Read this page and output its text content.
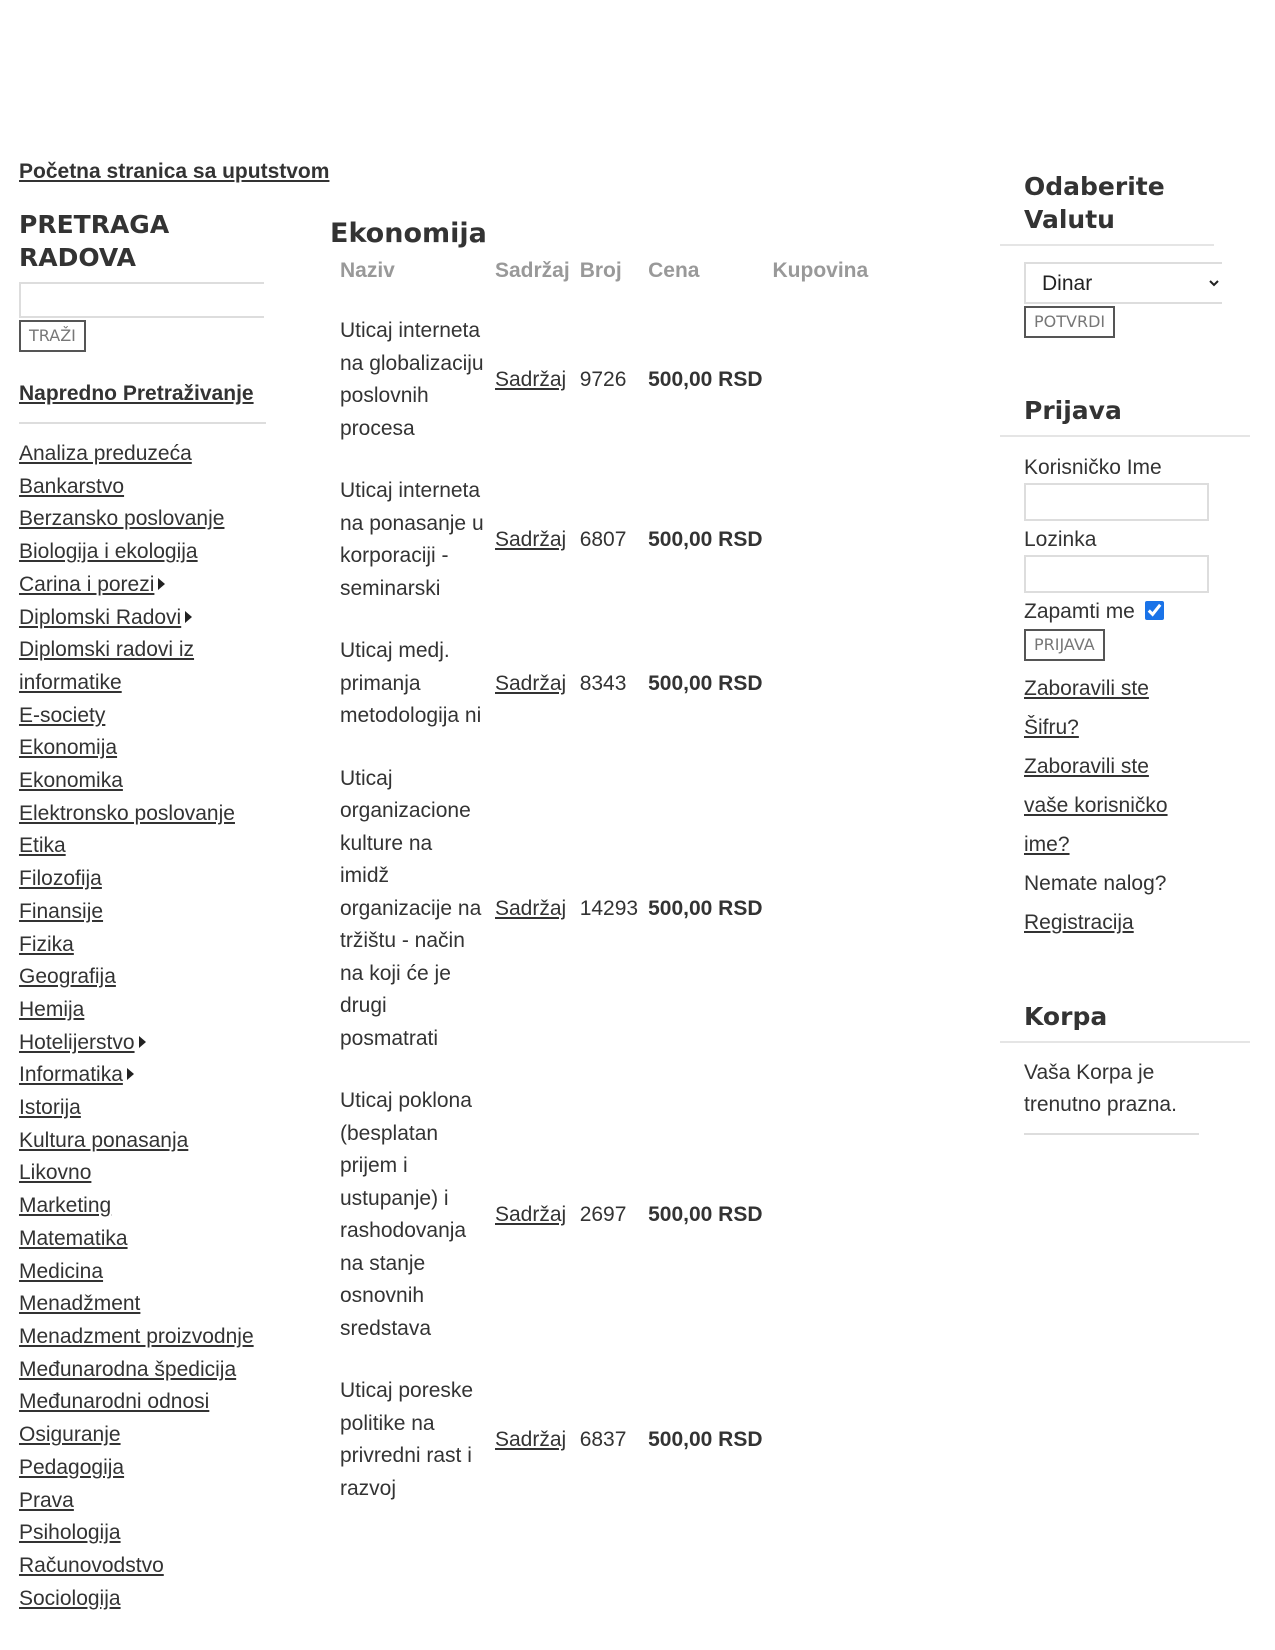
Početna stranica sa uputstvom
PRETRAGA RADOVA
TRAŽI
Napredno Pretraživanje
Analiza preduzeća
Bankarstvo
Berzansko poslovanje
Biologija i ekologija
Carina i porezi
Diplomski Radovi
Diplomski radovi iz informatike
E-society
Ekonomija
Ekonomika
Elektronsko poslovanje
Etika
Filozofija
Finansije
Fizika
Geografija
Hemija
Hotelijerstvo
Informatika
Istorija
Kultura ponasanja
Likovno
Marketing
Matematika
Medicina
Menadžment
Menadzment proizvodnje
Međunarodna špedicija
Međunarodni odnosi
Osiguranje
Pedagogija
Prava
Psihologija
Računovodstvo
Sociologija
Ekonomija
Naziv	Sadržaj	Broj	Cena	Kupovina
Uticaj interneta na globalizaciju poslovnih procesa	Sadržaj	9726	500,00 RSD	
Uticaj interneta na ponasanje u korporaciji - seminarski	Sadržaj	6807	500,00 RSD	
Uticaj medj. primanja metodologija ni	Sadržaj	8343	500,00 RSD	
Uticaj organizacione kulture na imidž organizacije na tržištu - način na koji će je drugi posmatrati	Sadržaj	14293	500,00 RSD	
Uticaj poklona (besplatan prijem i ustupanje) i rashodovanja na stanje osnovnih sredstava	Sadržaj	2697	500,00 RSD	
Uticaj poreske politike na privredni rast i razvoj	Sadržaj	6837	500,00 RSD	
Odaberite Valutu
Dinar
POTVRDI
Prijava
Korisničko Ime
Lozinka
Zapamti me
PRIJAVA
Zaboravili ste Šifru?
Zaboravili ste vaše korisničko ime?
Nemate nalog?
Registracija
Korpa
Vaša Korpa je trenutno prazna.
